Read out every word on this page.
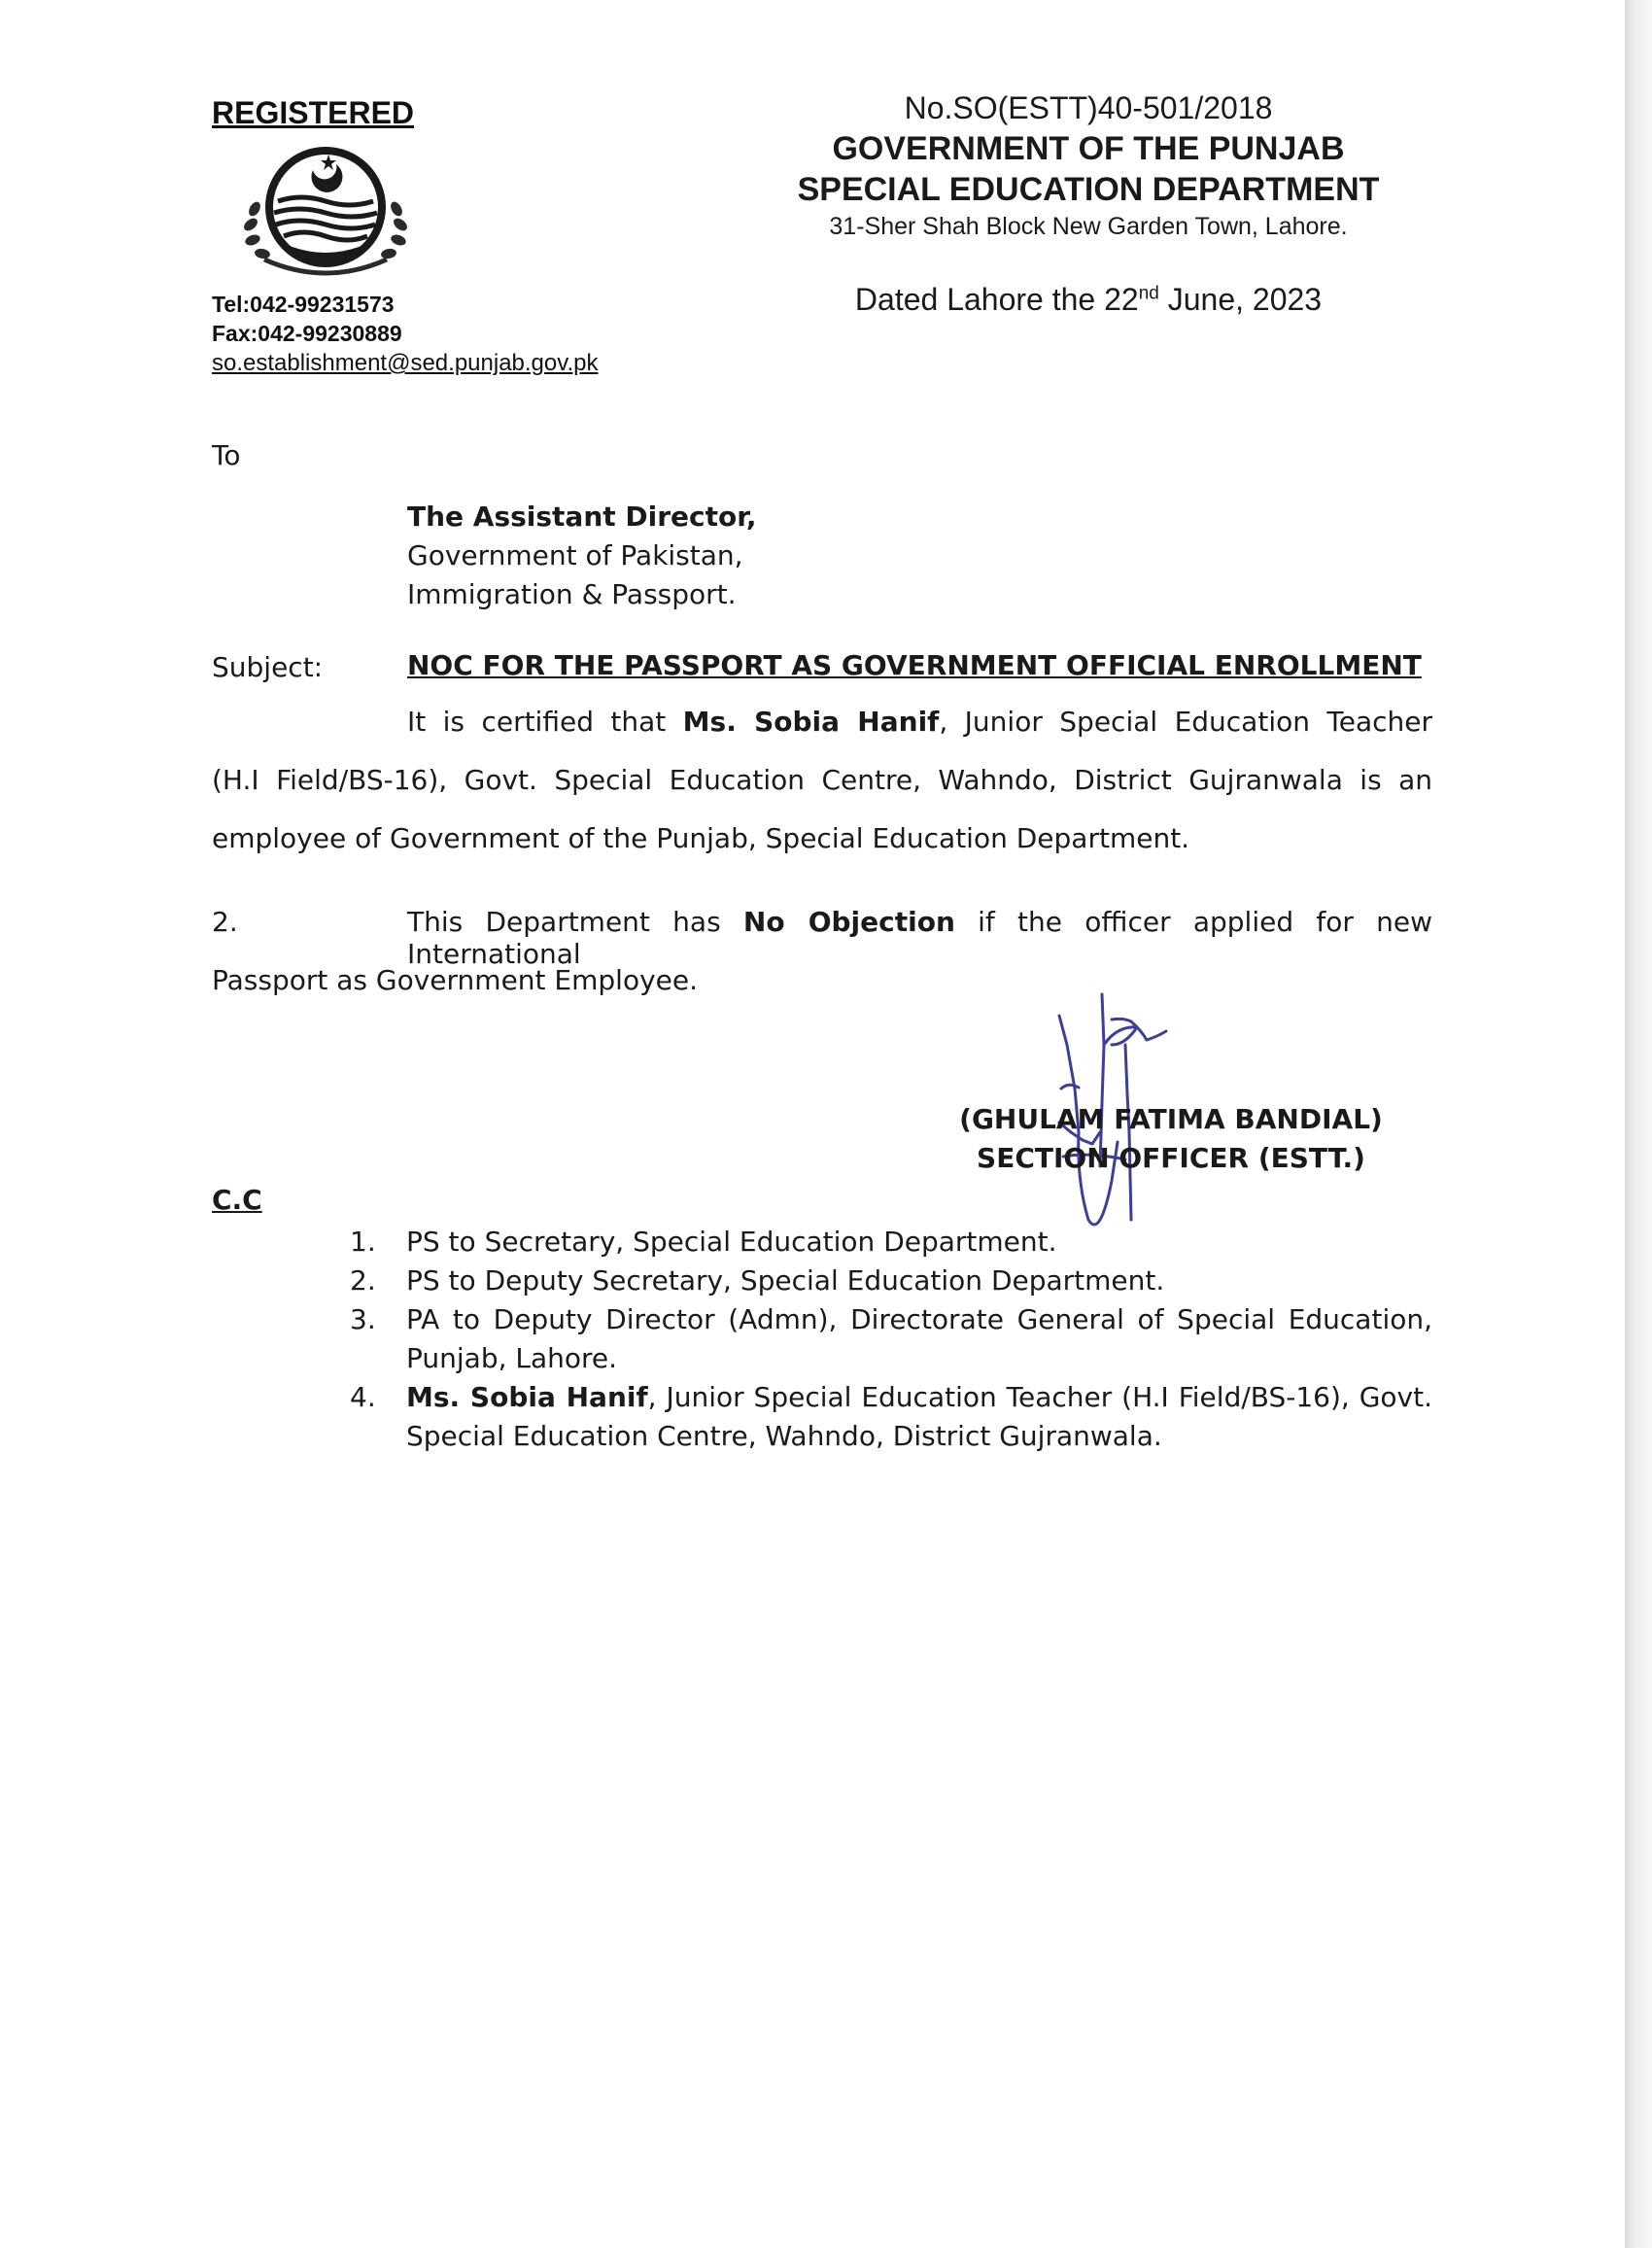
REGISTERED
Tel:042-99231573
Fax:042-99230889
so.establishment@sed.punjab.gov.pk
No.SO(ESTT)40-501/2018
GOVERNMENT OF THE PUNJAB
SPECIAL EDUCATION DEPARTMENT
31-Sher Shah Block New Garden Town, Lahore.
Dated Lahore the 22nd June, 2023
To
The Assistant Director,
Government of Pakistan,
Immigration & Passport.
Subject:	NOC FOR THE PASSPORT AS GOVERNMENT OFFICIAL ENROLLMENT
It is certified that Ms. Sobia Hanif, Junior Special Education Teacher
(H.I Field/BS-16), Govt. Special Education Centre, Wahndo, District Gujranwala is an
employee of Government of the Punjab, Special Education Department.
2.	This Department has No Objection if the officer applied for new International
Passport as Government Employee.
(GHULAM FATIMA BANDIAL)
SECTION OFFICER (ESTT.)
C.C
1. PS to Secretary, Special Education Department.
2. PS to Deputy Secretary, Special Education Department.
3. PA to Deputy Director (Admn), Directorate General of Special Education, Punjab, Lahore.
4. Ms. Sobia Hanif, Junior Special Education Teacher (H.I Field/BS-16), Govt. Special Education Centre, Wahndo, District Gujranwala.
